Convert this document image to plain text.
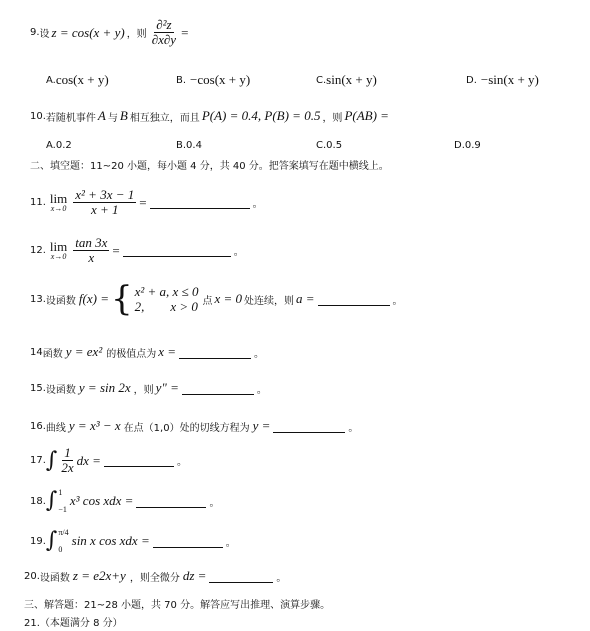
9. 设 z = cos(x + y) ，则 $\frac{\text{∂²z}}{\partial x\partial y}$ =
A. cos(x + y)	B. −cos(x + y)	C. sin(x + y)	D. −sin(x + y)
10. 若随机事件 A 与 B 相互独立，而且 P(A) = 0.4, P(B) = 0.5 ，则 P(AB) =
A. 0.2	B. 0.4	C. 0.5	D. 0.9
二、填空题：11~20 小题，每小题 4 分，共 40 分。把答案填写在题中横线上。
11. lim
$x\to 0 \frac{\text{x² + 3x − 1}}{x + 1}$ =	。
12. lim
$x\to 0 \frac{\tan 3x}{x}$ =	。
13. 设函数 f(x) = { x² + a, x ≤ 0
2,        x > 0 点 x = 0 处连续，则 a =	。
14 函数 y = e x² 的极值点为 x =	。
15. 设函数 y = sin 2x ，则 y" =	。
16. 曲线 y = x³ − x 在点（1,0）处的切线方程为 y =	。
17. ∫ $\frac{1}{2x}$ dx =	。
18. ∫ 1
−1
x³ cos xdx =	。
19. ∫ π/4
0
sin x cos xdx =	。
20. 设函数 z = e 2x+y ，则全微分 dz =	。
三、解答题：21~28 小题，共 70 分。解答应写出推理、演算步骤。
21.（本题满分 8 分）
